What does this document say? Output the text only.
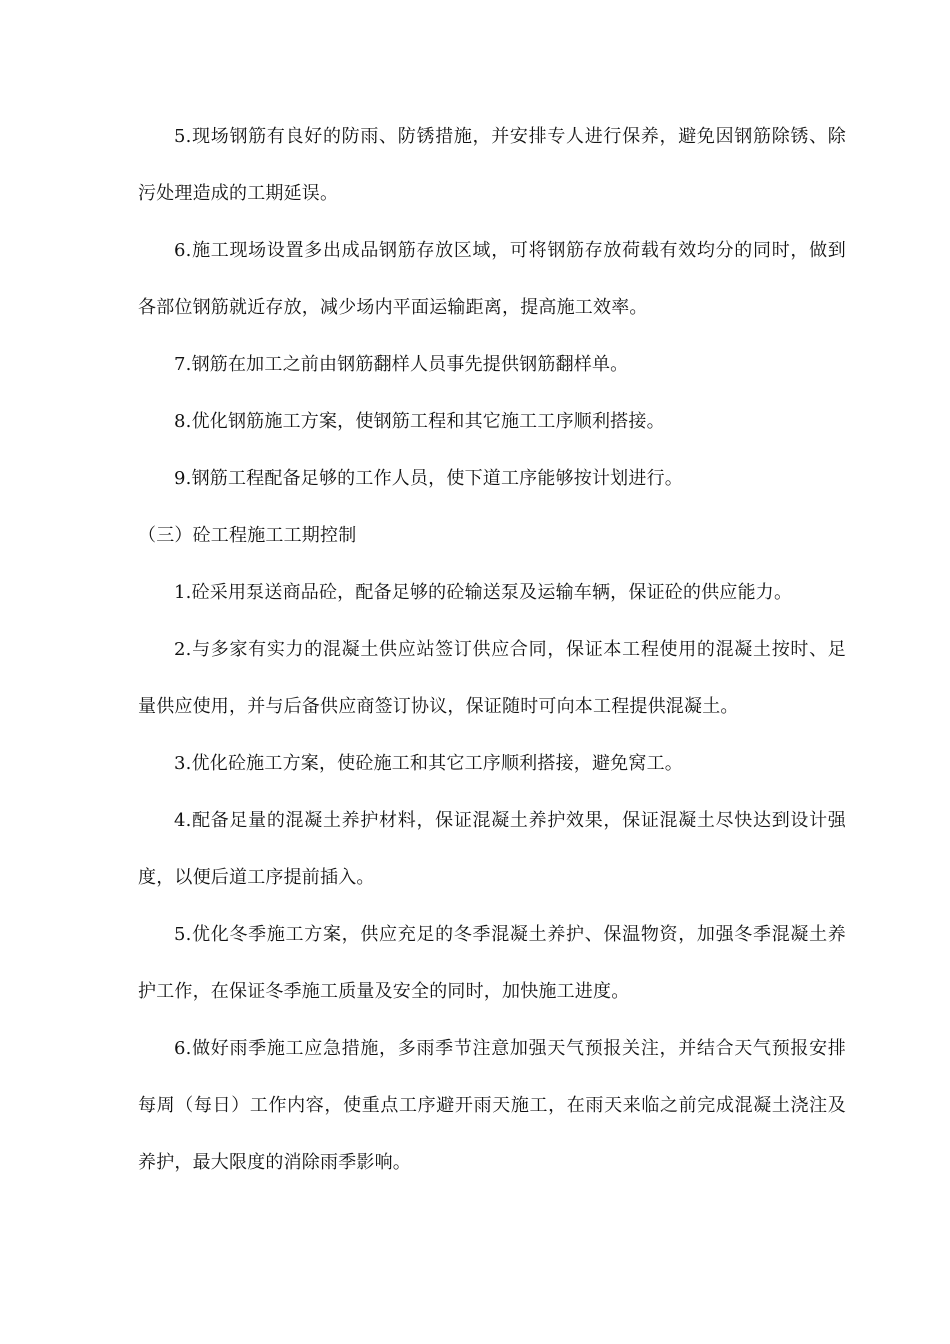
5.现场钢筋有良好的防雨、防锈措施，并安排专人进行保养，避免因钢筋除锈、除污处理造成的工期延误。

6.施工现场设置多出成品钢筋存放区域，可将钢筋存放荷载有效均分的同时，做到各部位钢筋就近存放，减少场内平面运输距离，提高施工效率。

7.钢筋在加工之前由钢筋翻样人员事先提供钢筋翻样单。

8.优化钢筋施工方案，使钢筋工程和其它施工工序顺利搭接。

9.钢筋工程配备足够的工作人员，使下道工序能够按计划进行。

（三）砼工程施工工期控制

1.砼采用泵送商品砼，配备足够的砼输送泵及运输车辆，保证砼的供应能力。

2.与多家有实力的混凝土供应站签订供应合同，保证本工程使用的混凝土按时、足量供应使用，并与后备供应商签订协议，保证随时可向本工程提供混凝土。

3.优化砼施工方案，使砼施工和其它工序顺利搭接，避免窝工。

4.配备足量的混凝土养护材料，保证混凝土养护效果，保证混凝土尽快达到设计强度，以便后道工序提前插入。

5.优化冬季施工方案，供应充足的冬季混凝土养护、保温物资，加强冬季混凝土养护工作，在保证冬季施工质量及安全的同时，加快施工进度。

6.做好雨季施工应急措施，多雨季节注意加强天气预报关注，并结合天气预报安排每周（每日）工作内容，使重点工序避开雨天施工，在雨天来临之前完成混凝土浇注及养护，最大限度的消除雨季影响。
